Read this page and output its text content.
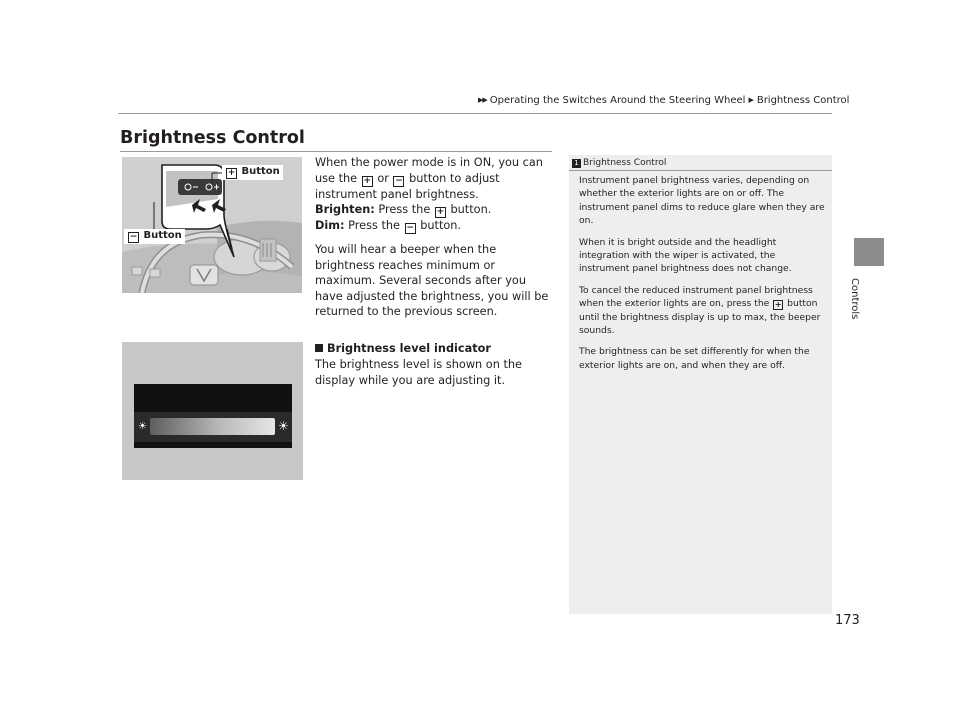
▶▶ Operating the Switches Around the Steering Wheel ▶ Brightness Control
Controls
Brightness Control
+ Button
− Button

When the power mode is in ON, you can use the + or − button to adjust instrument panel brightness.

Brighten: Press the + button.

Dim: Press the − button.

You will hear a beeper when the brightness reaches minimum or maximum. Several seconds after you have adjusted the brightness, you will be returned to the previous screen.

Brightness level indicator
The brightness level is shown on the display while you are adjusting it.
☀	☀
1 Brightness Control

Instrument panel brightness varies, depending on whether the exterior lights are on or off. The instrument panel dims to reduce glare when they are on.

When it is bright outside and the headlight integration with the wiper is activated, the instrument panel brightness does not change.

To cancel the reduced instrument panel brightness when the exterior lights are on, press the + button until the brightness display is up to max, the beeper sounds.

The brightness can be set differently for when the exterior lights are on, and when they are off.

173
